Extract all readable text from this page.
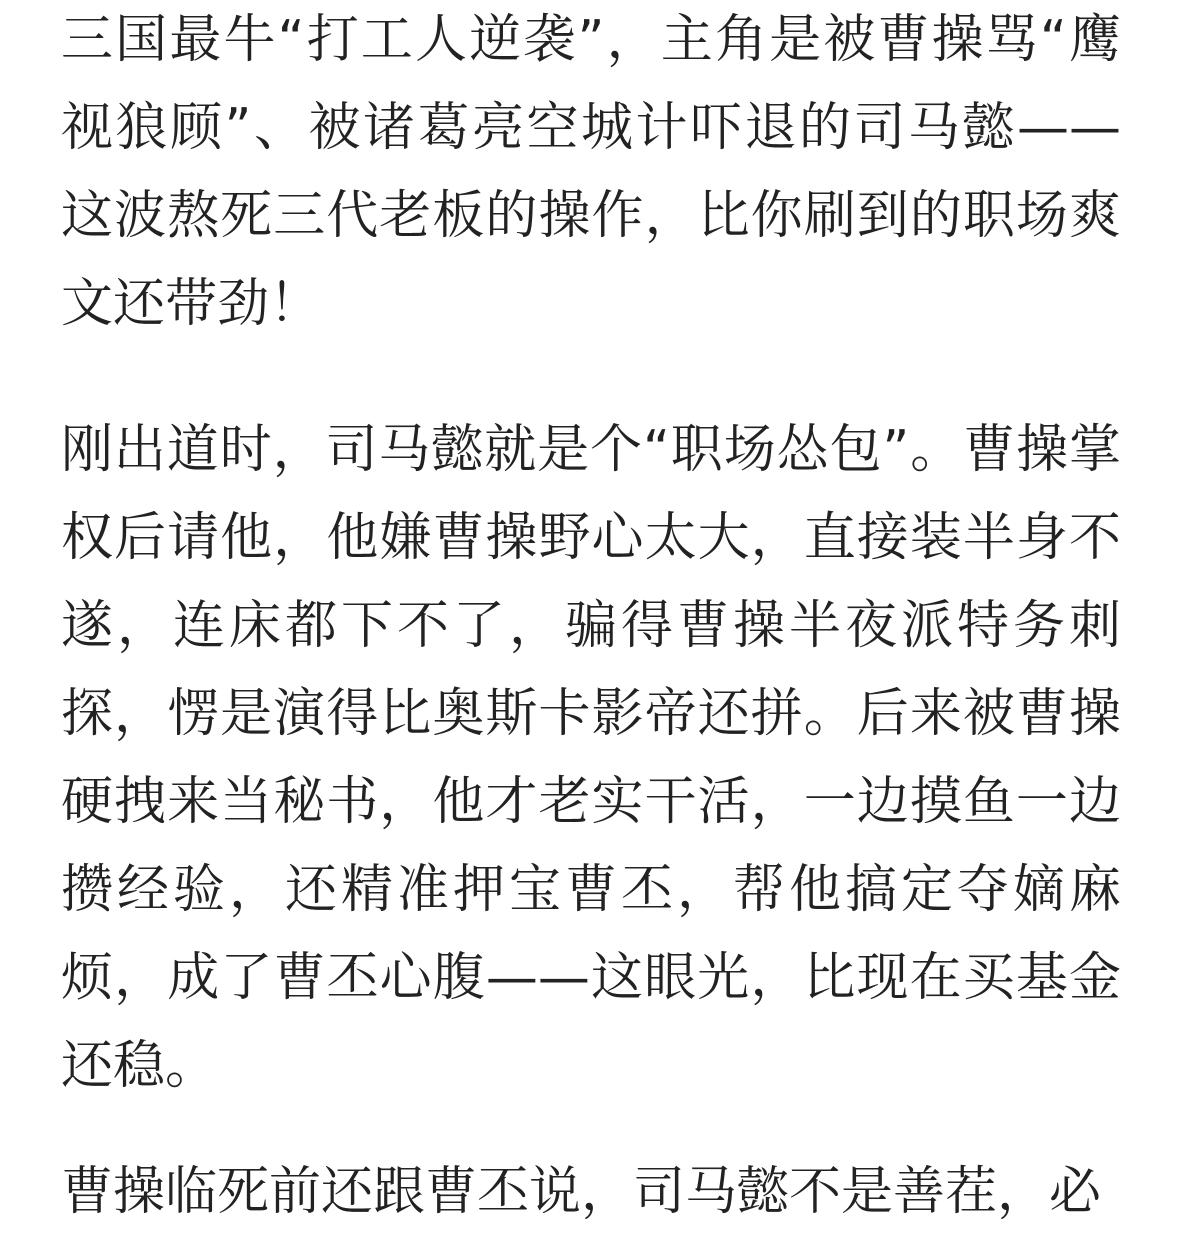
三国最牛“打工人逆袭”，主角是被曹操骂“鹰视狼顾”、被诸葛亮空城计吓退的司马懿——这波熬死三代老板的操作，比你刷到的职场爽文还带劲！

刚出道时，司马懿就是个“职场怂包”。曹操掌权后请他，他嫌曹操野心太大，直接装半身不遂，连床都下不了，骗得曹操半夜派特务刺探，愣是演得比奥斯卡影帝还拼。后来被曹操硬拽来当秘书，他才老实干活，一边摸鱼一边攒经验，还精准押宝曹丕，帮他搞定夺嫡麻烦，成了曹丕心腹——这眼光，比现在买基金还稳。

曹操临死前还跟曹丕说，司马懿不是善茬，必
